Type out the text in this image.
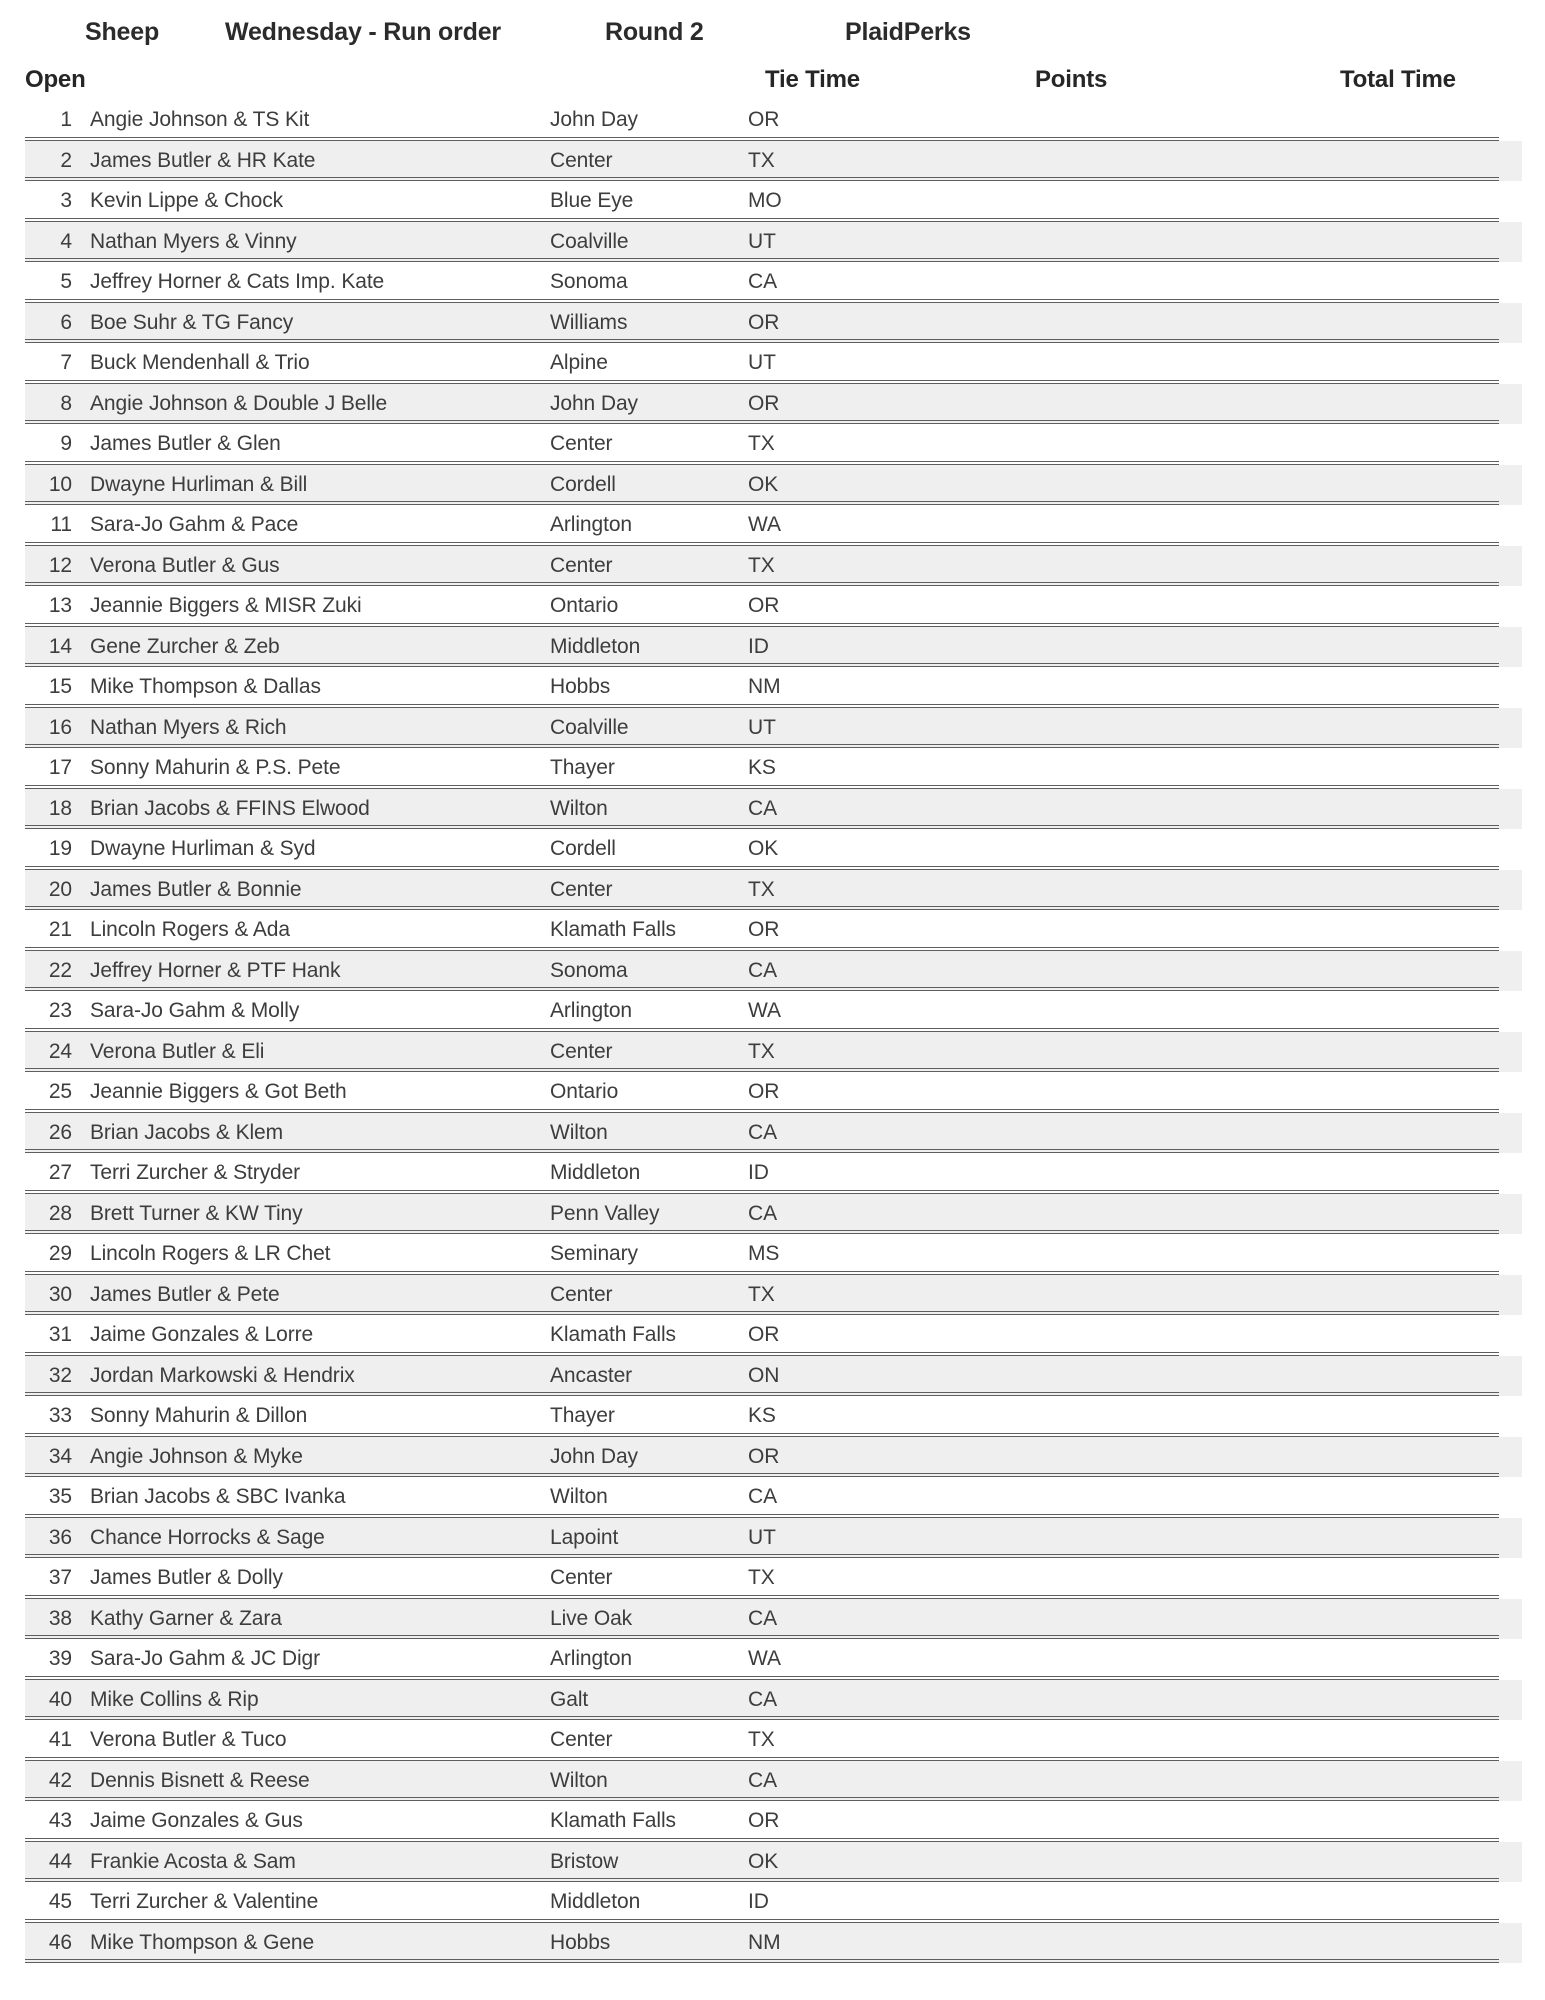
Sheep	Wednesday - Run order	Round 2	PlaidPerks
Open	Tie Time	Points	Total Time
1 Angie Johnson & TS Kit	John Day	OR
2 James Butler & HR Kate	Center	TX
3 Kevin Lippe & Chock	Blue Eye	MO
4 Nathan Myers & Vinny	Coalville	UT
5 Jeffrey Horner & Cats Imp. Kate	Sonoma	CA
6 Boe Suhr & TG Fancy	Williams	OR
7 Buck Mendenhall & Trio	Alpine	UT
8 Angie Johnson & Double J Belle	John Day	OR
9 James Butler & Glen	Center	TX
10 Dwayne Hurliman & Bill	Cordell	OK
11 Sara-Jo Gahm & Pace	Arlington	WA
12 Verona Butler & Gus	Center	TX
13 Jeannie Biggers & MISR Zuki	Ontario	OR
14 Gene Zurcher & Zeb	Middleton	ID
15 Mike Thompson & Dallas	Hobbs	NM
16 Nathan Myers & Rich	Coalville	UT
17 Sonny Mahurin & P.S. Pete	Thayer	KS
18 Brian Jacobs & FFINS Elwood	Wilton	CA
19 Dwayne Hurliman & Syd	Cordell	OK
20 James Butler & Bonnie	Center	TX
21 Lincoln Rogers & Ada	Klamath Falls	OR
22 Jeffrey Horner & PTF Hank	Sonoma	CA
23 Sara-Jo Gahm & Molly	Arlington	WA
24 Verona Butler & Eli	Center	TX
25 Jeannie Biggers & Got Beth	Ontario	OR
26 Brian Jacobs & Klem	Wilton	CA
27 Terri Zurcher & Stryder	Middleton	ID
28 Brett Turner & KW Tiny	Penn Valley	CA
29 Lincoln Rogers & LR Chet	Seminary	MS
30 James Butler & Pete	Center	TX
31 Jaime Gonzales & Lorre	Klamath Falls	OR
32 Jordan Markowski & Hendrix	Ancaster	ON
33 Sonny Mahurin & Dillon	Thayer	KS
34 Angie Johnson & Myke	John Day	OR
35 Brian Jacobs & SBC Ivanka	Wilton	CA
36 Chance Horrocks & Sage	Lapoint	UT
37 James Butler & Dolly	Center	TX
38 Kathy Garner & Zara	Live Oak	CA
39 Sara-Jo Gahm & JC Digr	Arlington	WA
40 Mike Collins & Rip	Galt	CA
41 Verona Butler & Tuco	Center	TX
42 Dennis Bisnett & Reese	Wilton	CA
43 Jaime Gonzales & Gus	Klamath Falls	OR
44 Frankie Acosta & Sam	Bristow	OK
45 Terri Zurcher & Valentine	Middleton	ID
46 Mike Thompson & Gene	Hobbs	NM
